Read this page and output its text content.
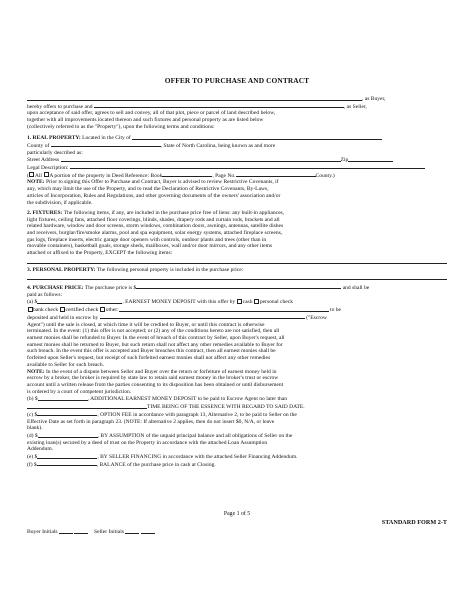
OFFER TO PURCHASE AND CONTRACT

, as Buyer,

hereby offers to purchase and	, as Seller,

upon acceptance of said offer, agrees to sell and convey, all of that plot, piece or parcel of land described below,

together with all improvements located thereon and such fixtures and personal property as are listed below

(collectively referred to as the "Property"), upon the following terms and conditions:

1. REAL PROPERTY: Located in the City of

County of	, State of North Carolina, being known as and more

particularly described as:

Street Address	Zip

Legal Description:

( All A portion of the property in Deed Reference: Book	, Page No.	County.)

NOTE: Prior to signing this Offer to Purchase and Contract, Buyer is advised to review Restrictive Covenants, if

any, which may limit the use of the Property, and to read the Declaration of Restrictive Covenants, By-Laws,

articles of Incorporation, Rules and Regulations, and other governing documents of the owners' association and/or

the subdivision, if applicable.

2. FIXTURES: The following items, if any, are included in the purchase price free of liens: any built-in appliances,

light fixtures, ceiling fans, attached floor coverings, blinds, shades, drapery rods and curtain rods, brackets and all

related hardware, window and door screens, storm windows, combination doors, awnings, antennas, satellite dishes

and receivers, burglar/fire/smoke alarms, pool and spa equipment, solar energy systems, attached fireplace screens,

gas logs, fireplace inserts, electric garage door openers with controls, outdoor plants and trees (other than in

movable containers), basketball goals, storage sheds, mailboxes, wall and/or door mirrors, and any other items

attached or affixed to the Property, EXCEPT the following items:

3. PERSONAL PROPERTY: The following personal property is included in the purchase price:

4. PURCHASE PRICE: The purchase price is $	and shall be

paid as follows:

(a) $	, EARNEST MONEY DEPOSIT with this offer by cash personal check

bank check certified check other:	to be

deposited and held in escrow by	("Escrow

Agent") until the sale is closed, at which time it will be credited to Buyer, or until this contract is otherwise

terminated. In the event: (1) this offer is not accepted; or (2) any of the conditions hereto are not satisfied, then all

earnest monies shall be refunded to Buyer. In the event of breach of this contract by Seller, upon Buyer's request, all

earnest monies shall be returned to Buyer, but such return shall not affect any other remedies available to Buyer for

such breach. In the event this offer is accepted and Buyer breaches this contract, then all earnest monies shall be

forfeited upon Seller's request, but receipt of such forfeited earnest monies shall not affect any other remedies

available to Seller for such breach.

NOTE: In the event of a dispute between Seller and Buyer over the return or forfeiture of earnest money held in

escrow by a broker, the broker is required by state law to retain said earnest money in the broker's trust or escrow

account until a written release from the parties consenting to its disposition has been obtained or until disbursement

is ordered by a court of competent jurisdiction.

(b) $	, ADDITIONAL EARNEST MONEY DEPOSIT to be paid to Escrow Agent no later than

TIME BEING OF THE ESSENCE WITH REGARD TO SAID DATE.

(c) $	, OPTION FEE in accordance with paragraph 13, Alternative 2, to be paid to Seller on the

Effective Date as set forth in paragraph 23. (NOTE: If alternative 2 applies, then do not insert $0, N/A, or leave

blank).

(d) $	, BY ASSUMPTION of the unpaid principal balance and all obligations of Seller on the

existing loan(s) secured by a deed of trust on the Property in accordance with the attached Loan Assumption

Addendum.

(e) $	, BY SELLER FINANCING in accordance with the attached Seller Financing Addendum.

(f) $	, BALANCE of the purchase price in cash at Closing.

Page 1 of 5
STANDARD FORM 2-T
Buyer Initials	Seller Initials
